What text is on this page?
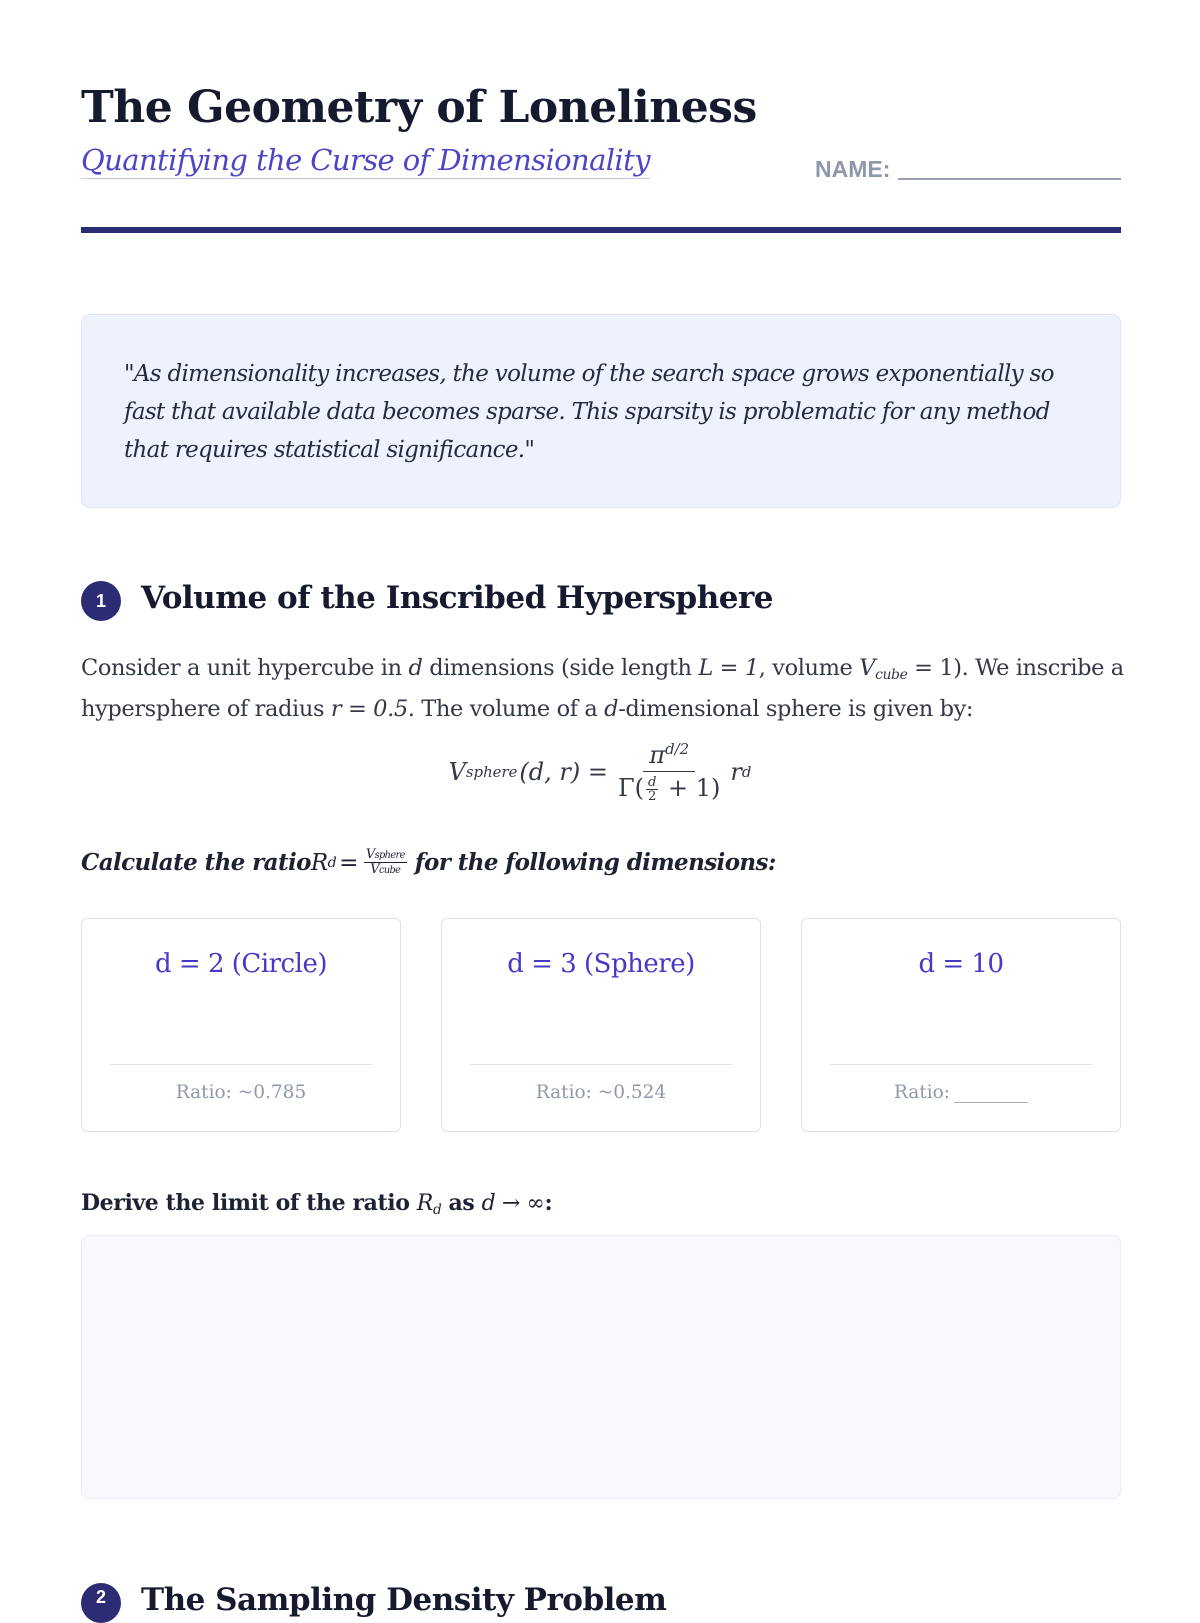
The Geometry of Loneliness
Quantifying the Curse of Dimensionality	NAME:

"As dimensionality increases, the volume of the search space grows exponentially so fast that available data becomes sparse. This sparsity is problematic for any method that requires statistical significance."

1	Volume of the Inscribed Hypersphere

Consider a unit hypercube in d dimensions (side length L = 1, volume $V_{cube} = 1$). We inscribe a hypersphere of radius r = 0.5. The volume of a d-dimensional sphere is given by:

V sphere (d, $r) = \frac{\pi^{d/2}}{\Gamma( \frac{d}{2} + 1)}$ r d
Calculate the ratio R d = Vsphere
Vcube for the following dimensions:
d = 2 (Circle)
Ratio: ~0.785
d = 3 (Sphere)
Ratio: ~0.524
d = 10
Ratio:
Derive the limit of the ratio $R_d$ as d → ∞:
2	The Sampling Density Problem
